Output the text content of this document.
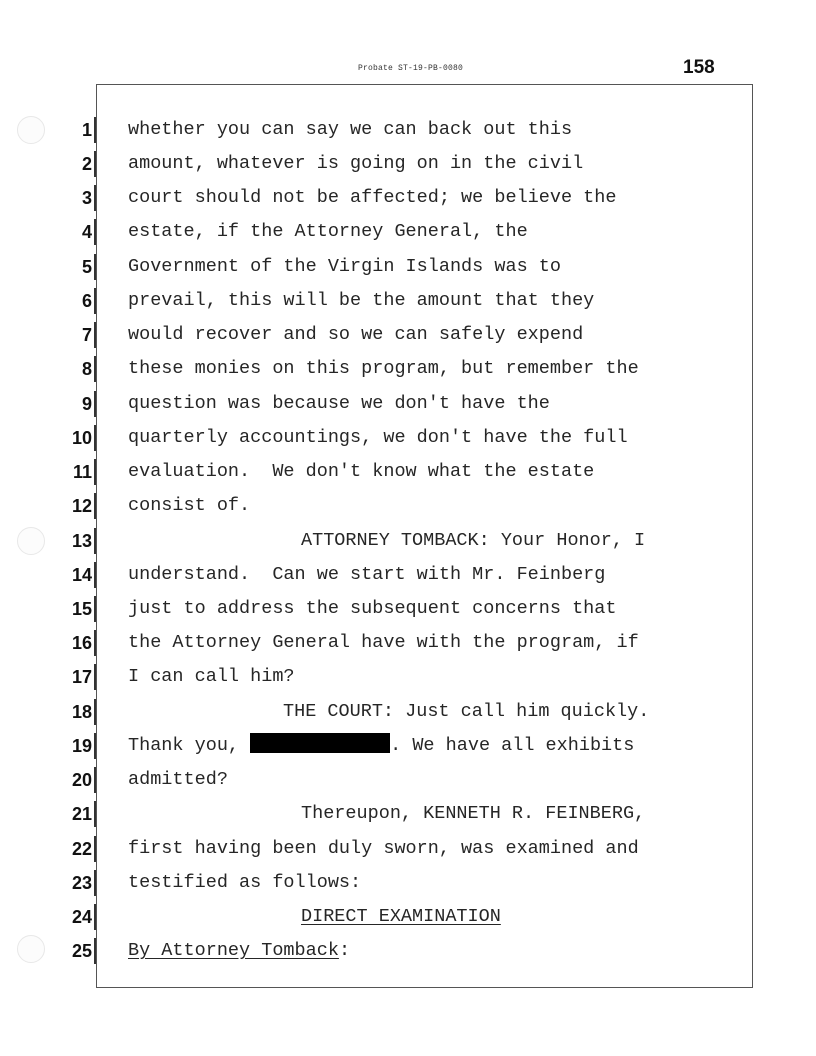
Probate ST-19-PB-0080	158
1 whether you can say we can back out this
2 amount, whatever is going on in the civil
3 court should not be affected; we believe the
4 estate, if the Attorney General, the
5 Government of the Virgin Islands was to
6 prevail, this will be the amount that they
7 would recover and so we can safely expend
8 these monies on this program, but remember the
9 question was because we don't have the
10 quarterly accountings, we don't have the full
11 evaluation.  We don't know what the estate
12 consist of.
13	ATTORNEY TOMBACK: Your Honor, I
14 understand.  Can we start with Mr. Feinberg
15 just to address the subsequent concerns that
16 the Attorney General have with the program, if
17 I can call him?
18	THE COURT: Just call him quickly.
19 Thank you,	. We have all exhibits
20 admitted?
21	Thereupon, KENNETH R. FEINBERG,
22 first having been duly sworn, was examined and
23 testified as follows:
24	DIRECT EXAMINATION
25 By Attorney Tomback:
